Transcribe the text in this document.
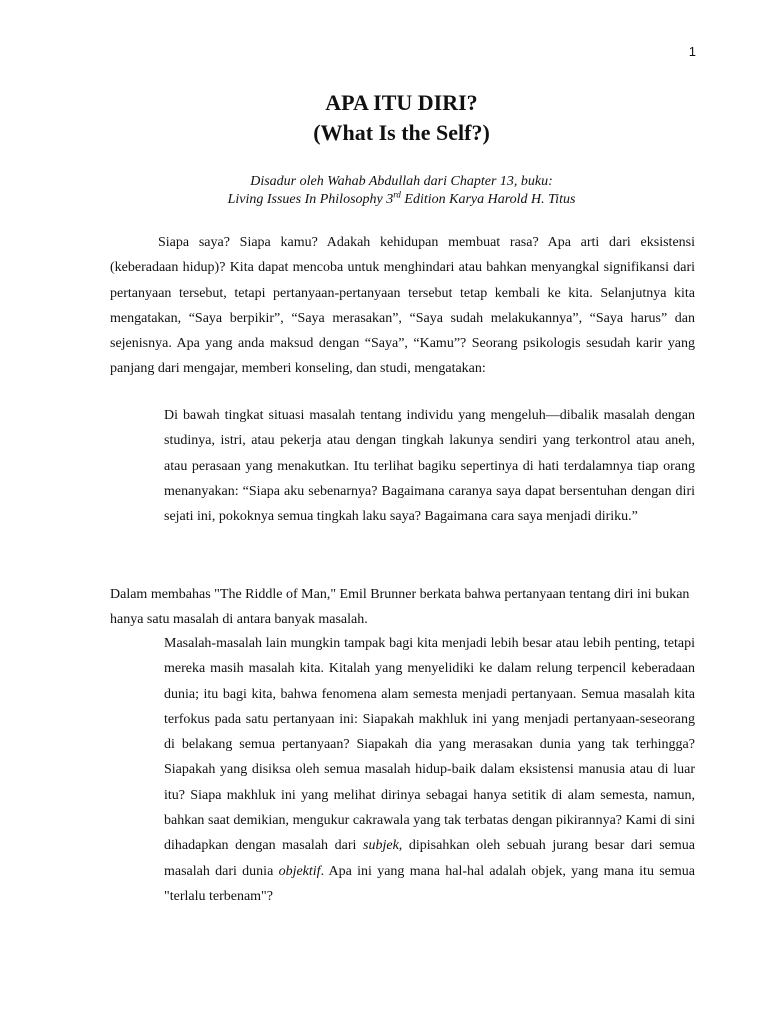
1
APA ITU DIRI?
(What Is the Self?)
Disadur oleh Wahab Abdullah dari Chapter 13, buku:
Living Issues In Philosophy 3rd Edition Karya Harold H. Titus

Siapa saya? Siapa kamu? Adakah kehidupan membuat rasa? Apa arti dari eksistensi (keberadaan hidup)? Kita dapat mencoba untuk menghindari atau bahkan menyangkal signifikansi dari pertanyaan tersebut, tetapi pertanyaan-pertanyaan tersebut tetap kembali ke kita. Selanjutnya kita mengatakan, “Saya berpikir”, “Saya merasakan”, “Saya sudah melakukannya”, “Saya harus” dan sejenisnya. Apa yang anda maksud dengan “Saya”, “Kamu”? Seorang psikologis sesudah karir yang panjang dari mengajar, memberi konseling, dan studi, mengatakan:

Di bawah tingkat situasi masalah tentang individu yang mengeluh—dibalik masalah dengan studinya, istri, atau pekerja atau dengan tingkah lakunya sendiri yang terkontrol atau aneh, atau perasaan yang menakutkan. Itu terlihat bagiku sepertinya di hati terdalamnya tiap orang menanyakan: “Siapa aku sebenarnya? Bagaimana caranya saya dapat bersentuhan dengan diri sejati ini, pokoknya semua tingkah laku saya? Bagaimana cara saya menjadi diriku.”

Dalam membahas "The Riddle of Man," Emil Brunner berkata bahwa pertanyaan tentang diri ini bukan hanya satu masalah di antara banyak masalah.

Masalah-masalah lain mungkin tampak bagi kita menjadi lebih besar atau lebih penting, tetapi mereka masih masalah kita. Kitalah yang menyelidiki ke dalam relung terpencil keberadaan dunia; itu bagi kita, bahwa fenomena alam semesta menjadi pertanyaan. Semua masalah kita terfokus pada satu pertanyaan ini: Siapakah makhluk ini yang menjadi pertanyaan-seseorang di belakang semua pertanyaan? Siapakah dia yang merasakan dunia yang tak terhingga? Siapakah yang disiksa oleh semua masalah hidup-baik dalam eksistensi manusia atau di luar itu? Siapa makhluk ini yang melihat dirinya sebagai hanya setitik di alam semesta, namun, bahkan saat demikian, mengukur cakrawala yang tak terbatas dengan pikirannya? Kami di sini dihadapkan dengan masalah dari subjek, dipisahkan oleh sebuah jurang besar dari semua masalah dari dunia objektif. Apa ini yang mana hal-hal adalah objek, yang mana itu semua "terlalu terbenam"?
